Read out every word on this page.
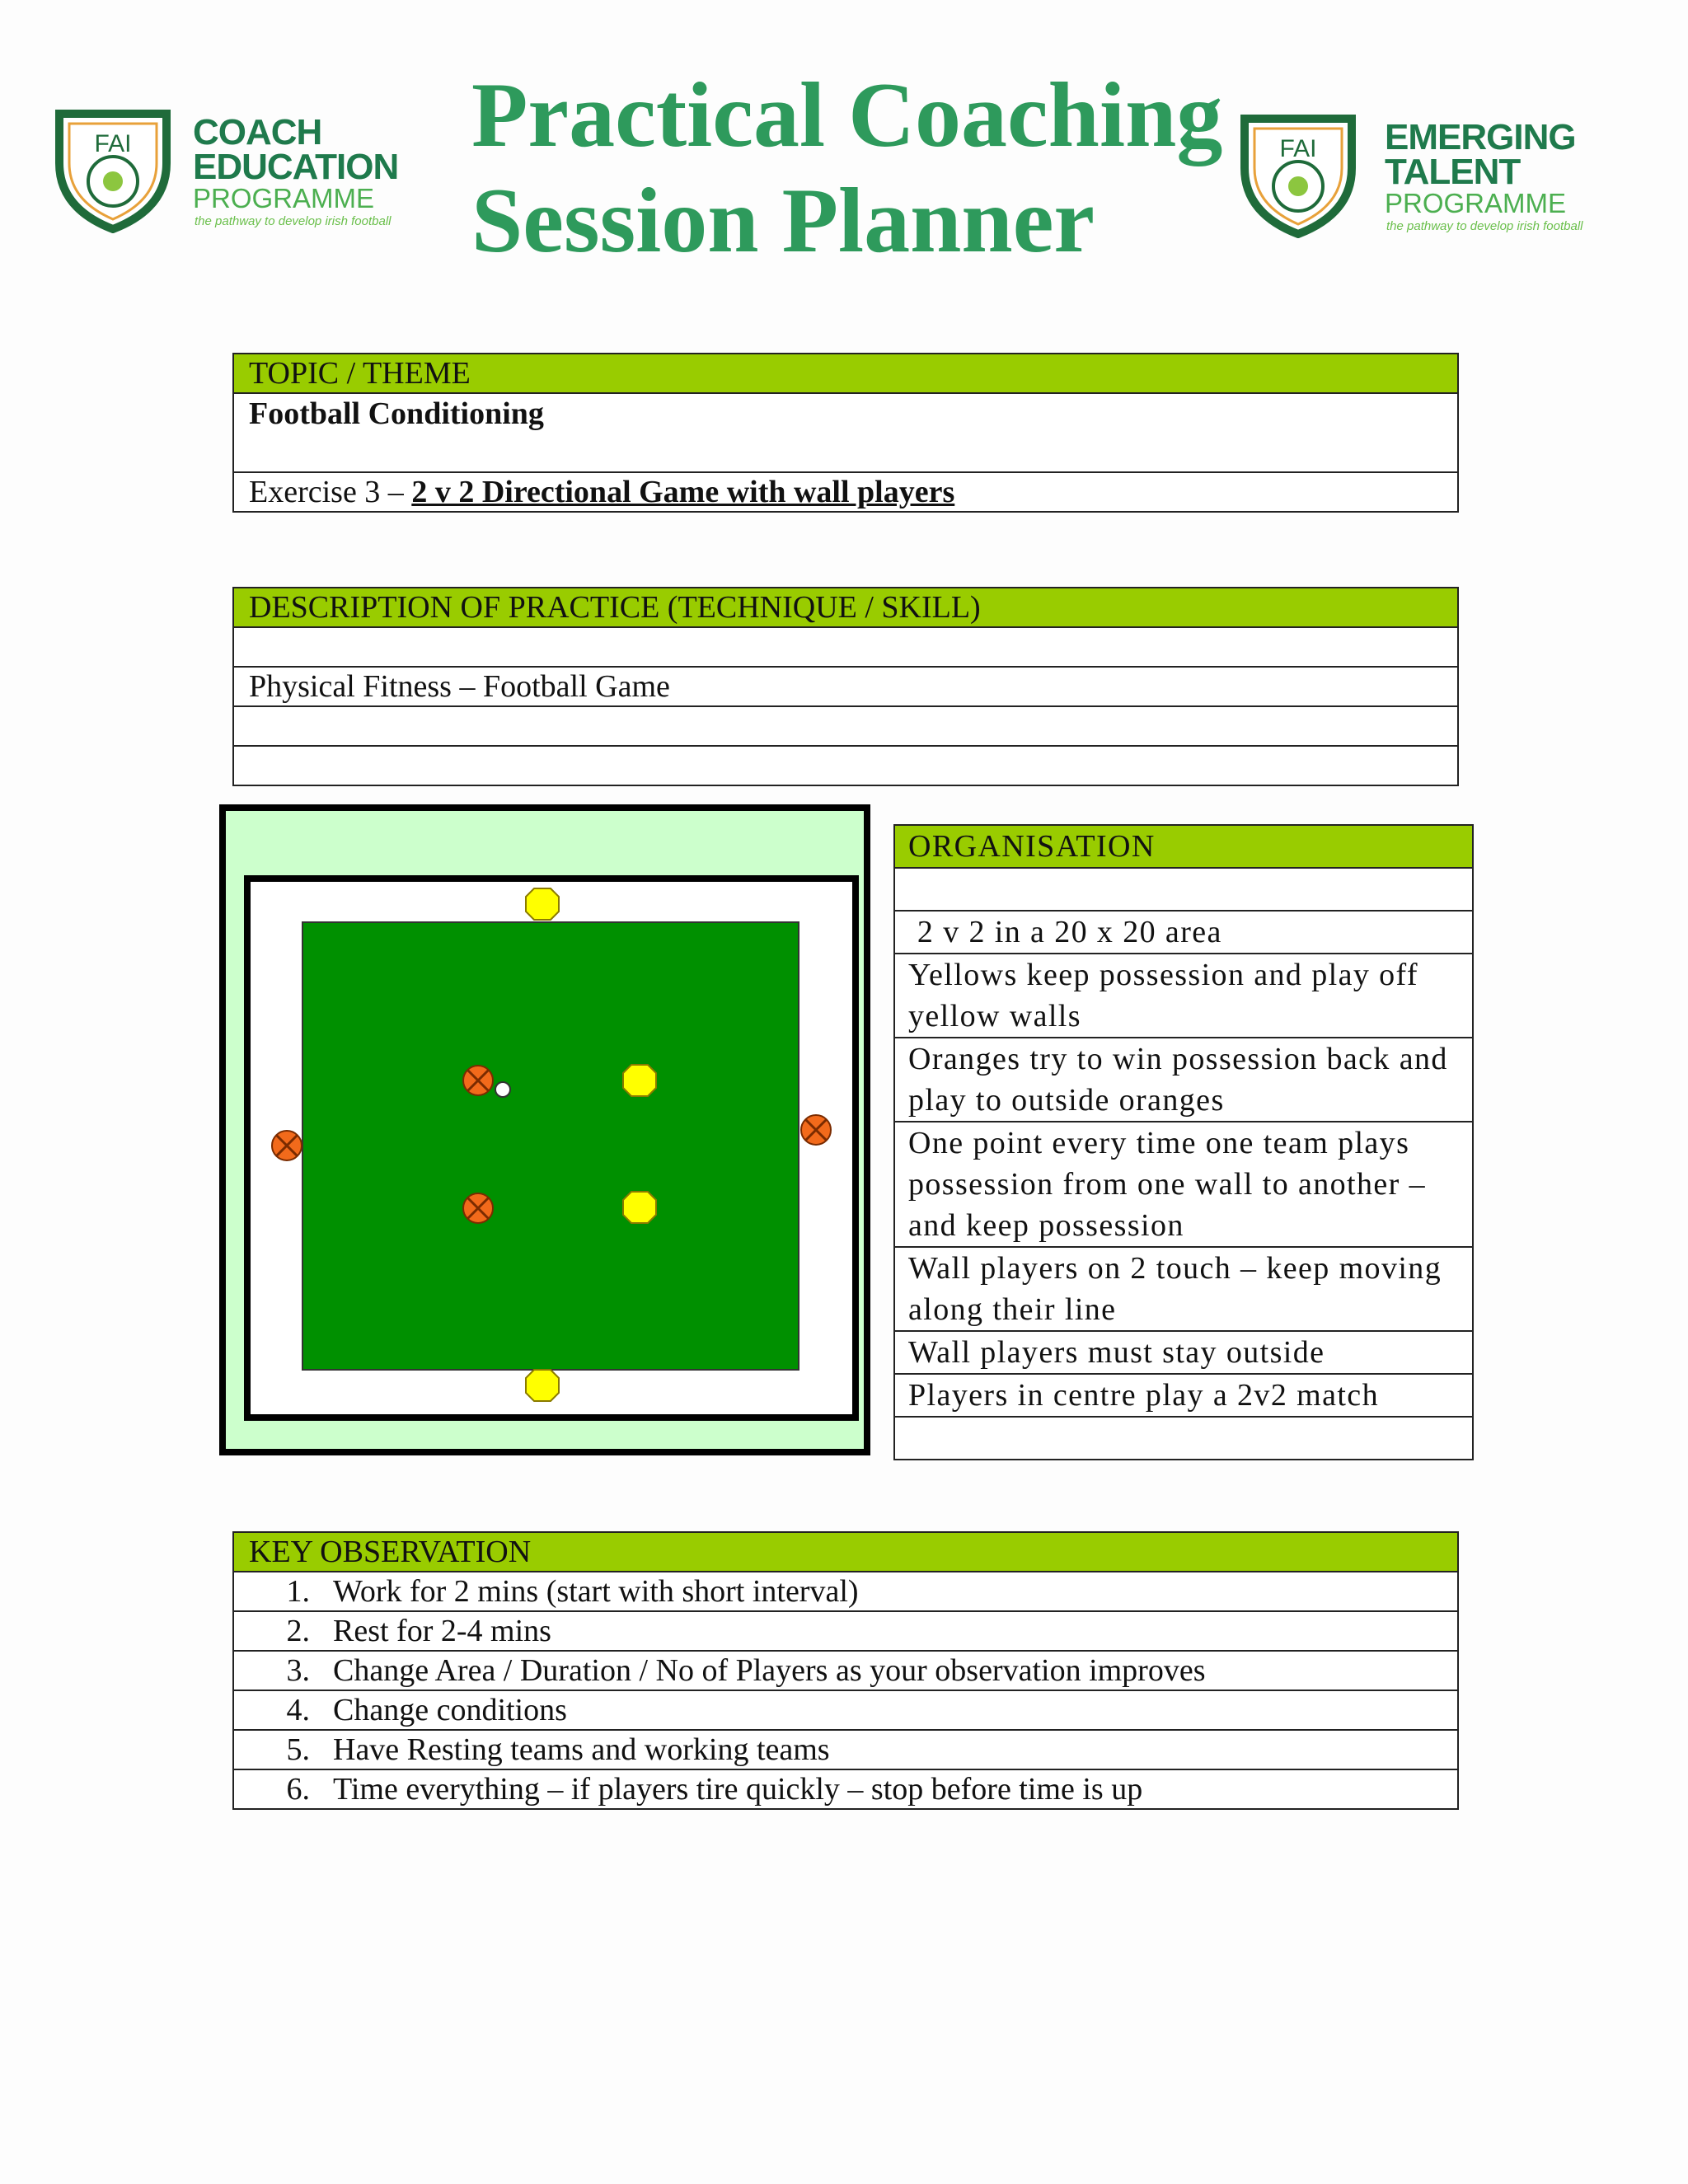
FAI COACH
EDUCATION
PROGRAMME
the pathway to develop irish football
Practical Coaching
Session Planner
FAI EMERGING
TALENT
PROGRAMME
the pathway to develop irish football
TOPIC / THEME
Football Conditioning
Exercise 3 – 2 v 2 Directional Game with wall players
DESCRIPTION OF PRACTICE (TECHNIQUE / SKILL)
Physical Fitness – Football Game
ORGANISATION
2 v 2 in a 20 x 20 area
Yellows keep possession and play off yellow walls
Oranges try to win possession back and play to outside oranges
One point every time one team plays possession from one wall to another – and keep possession
Wall players on 2 touch – keep moving along their line
Wall players must stay outside
Players in centre play a 2v2 match
KEY OBSERVATION
1. Work for 2 mins (start with short interval)
2. Rest for 2-4 mins
3. Change Area / Duration / No of Players as your observation improves
4. Change conditions
5. Have Resting teams and working teams
6. Time everything – if players tire quickly – stop before time is up
